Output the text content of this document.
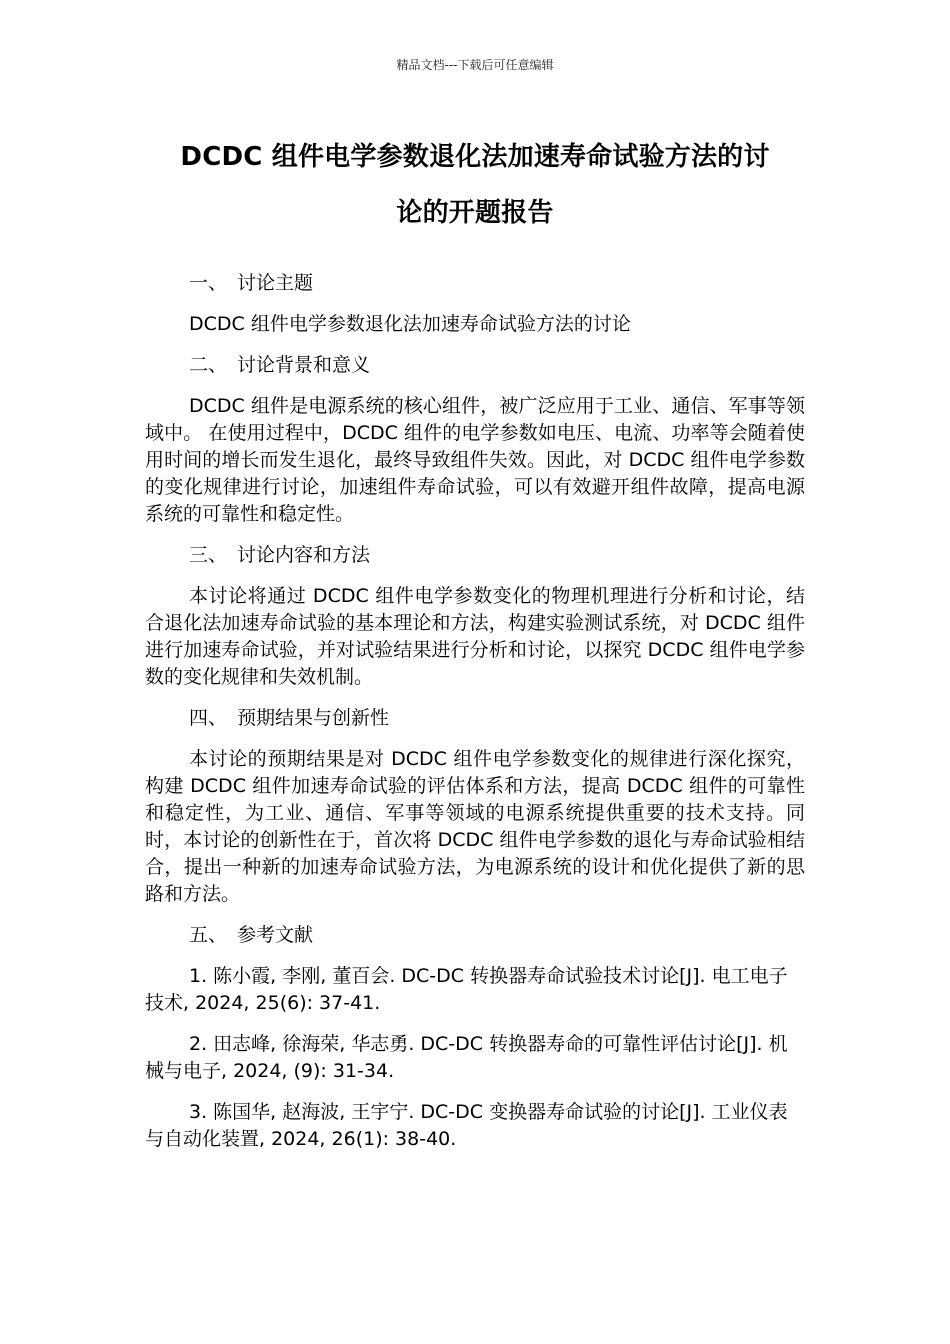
精品文档---下载后可任意编辑
DCDC 组件电学参数退化法加速寿命试验方法的讨
论的开题报告

一、 讨论主题

DCDC 组件电学参数退化法加速寿命试验方法的讨论

二、 讨论背景和意义

DCDC 组件是电源系统的核心组件，被广泛应用于工业、通信、军事等领域中。 在使用过程中，DCDC 组件的电学参数如电压、电流、功率等会随着使用时间的增长而发生退化，最终导致组件失效。因此，对 DCDC 组件电学参数的变化规律进行讨论，加速组件寿命试验，可以有效避开组件故障，提高电源系统的可靠性和稳定性。

三、 讨论内容和方法

本讨论将通过 DCDC 组件电学参数变化的物理机理进行分析和讨论，结合退化法加速寿命试验的基本理论和方法，构建实验测试系统，对 DCDC 组件进行加速寿命试验，并对试验结果进行分析和讨论，以探究 DCDC 组件电学参数的变化规律和失效机制。

四、 预期结果与创新性

本讨论的预期结果是对 DCDC 组件电学参数变化的规律进行深化探究，构建 DCDC 组件加速寿命试验的评估体系和方法，提高 DCDC 组件的可靠性和稳定性，为工业、通信、军事等领域的电源系统提供重要的技术支持。同时，本讨论的创新性在于，首次将 DCDC 组件电学参数的退化与寿命试验相结合，提出一种新的加速寿命试验方法，为电源系统的设计和优化提供了新的思路和方法。

五、 参考文献

1. 陈小霞, 李刚, 董百会. DC-DC 转换器寿命试验技术讨论[J]. 电工电子技术, 2024, 25(6): 37-41.

2. 田志峰, 徐海荣, 华志勇. DC-DC 转换器寿命的可靠性评估讨论[J]. 机械与电子, 2024, (9): 31-34.

3. 陈国华, 赵海波, 王宇宁. DC-DC 变换器寿命试验的讨论[J]. 工业仪表与自动化装置, 2024, 26(1): 38-40.
